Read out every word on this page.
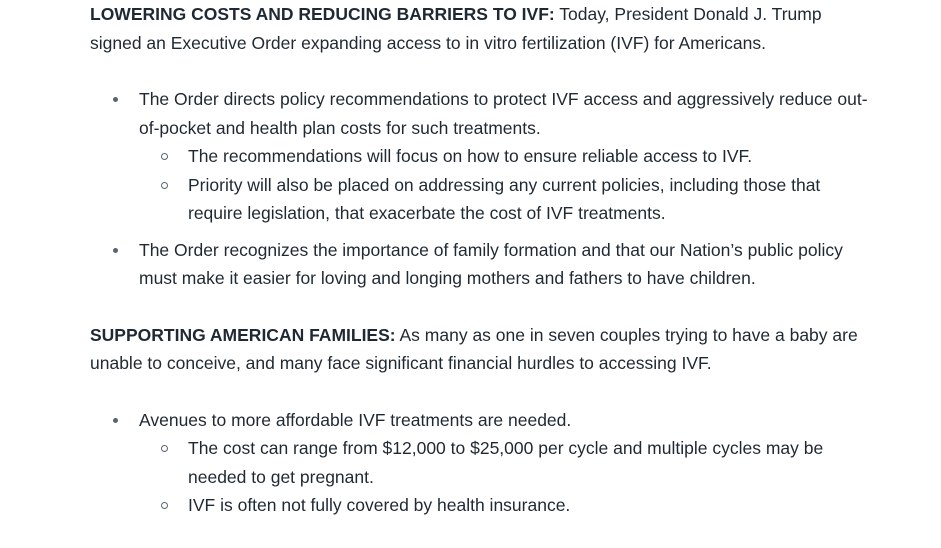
LOWERING COSTS AND REDUCING BARRIERS TO IVF: Today, President Donald J. Trump signed an Executive Order expanding access to in vitro fertilization (IVF) for Americans.

The Order directs policy recommendations to protect IVF access and aggressively reduce out-of-pocket and health plan costs for such treatments.
The recommendations will focus on how to ensure reliable access to IVF.
Priority will also be placed on addressing any current policies, including those that require legislation, that exacerbate the cost of IVF treatments.
The Order recognizes the importance of family formation and that our Nation’s public policy must make it easier for loving and longing mothers and fathers to have children.

SUPPORTING AMERICAN FAMILIES: As many as one in seven couples trying to have a baby are unable to conceive, and many face significant financial hurdles to accessing IVF.

Avenues to more affordable IVF treatments are needed.
The cost can range from $12,000 to $25,000 per cycle and multiple cycles may be needed to get pregnant.
IVF is often not fully covered by health insurance.
